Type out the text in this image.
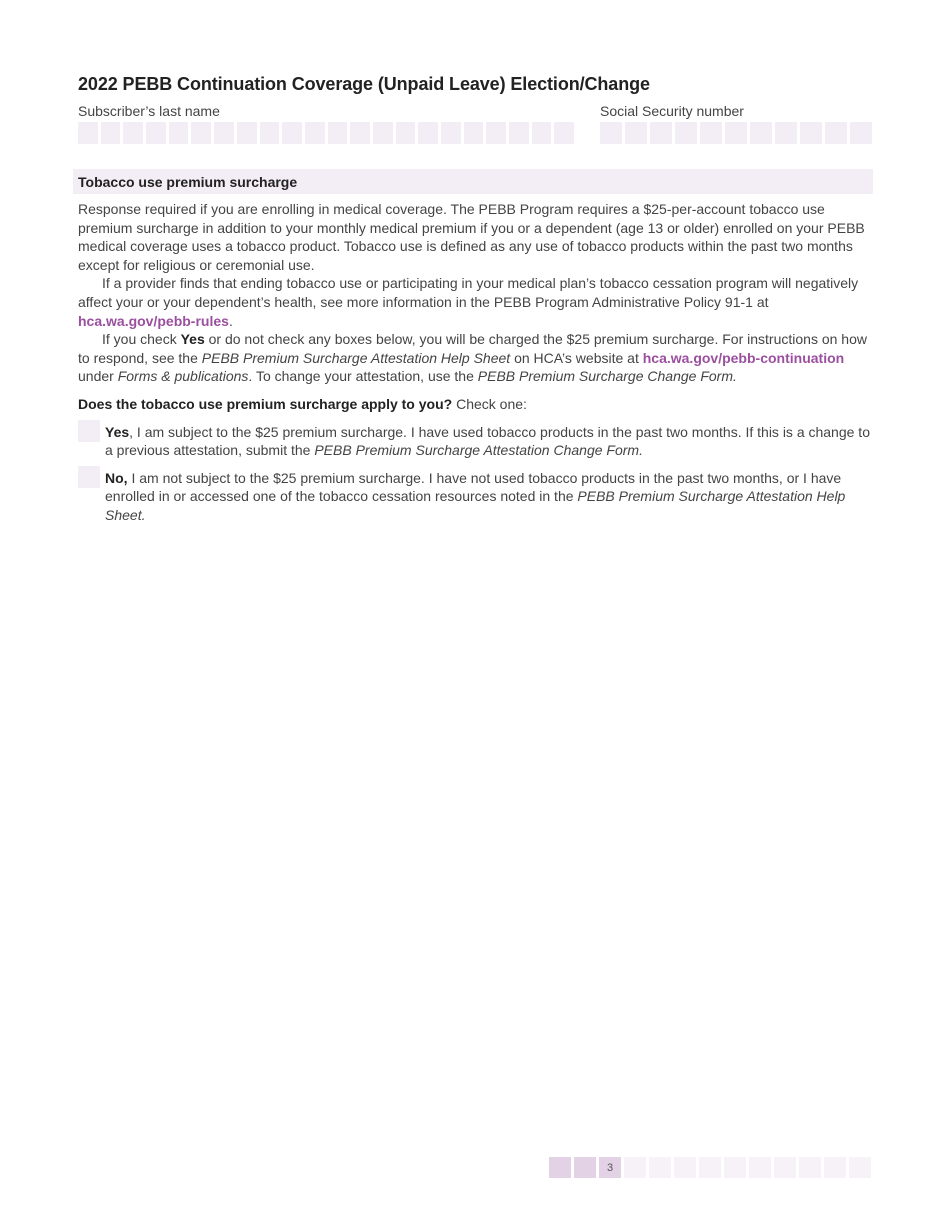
2022 PEBB Continuation Coverage (Unpaid Leave) Election/Change
Subscriber’s last name	Social Security number
Tobacco use premium surcharge

Response required if you are enrolling in medical coverage. The PEBB Program requires a $25-per-account tobacco use premium surcharge in addition to your monthly medical premium if you or a dependent (age 13 or older) enrolled on your PEBB medical coverage uses a tobacco product. Tobacco use is defined as any use of tobacco products within the past two months except for religious or ceremonial use.

If a provider finds that ending tobacco use or participating in your medical plan’s tobacco cessation program will negatively affect your or your dependent’s health, see more information in the PEBB Program Administrative Policy 91-1 at hca.wa.gov/pebb-rules.

If you check Yes or do not check any boxes below, you will be charged the $25 premium surcharge. For instructions on how to respond, see the PEBB Premium Surcharge Attestation Help Sheet on HCA’s website at hca.wa.gov/pebb-continuation under Forms & publications. To change your attestation, use the PEBB Premium Surcharge Change Form.

Does the tobacco use premium surcharge apply to you? Check one:

Yes, I am subject to the $25 premium surcharge. I have used tobacco products in the past two months. If this is a change to a previous attestation, submit the PEBB Premium Surcharge Attestation Change Form.

No, I am not subject to the $25 premium surcharge. I have not used tobacco products in the past two months, or I have enrolled in or accessed one of the tobacco cessation resources noted in the PEBB Premium Surcharge Attestation Help Sheet.

3
